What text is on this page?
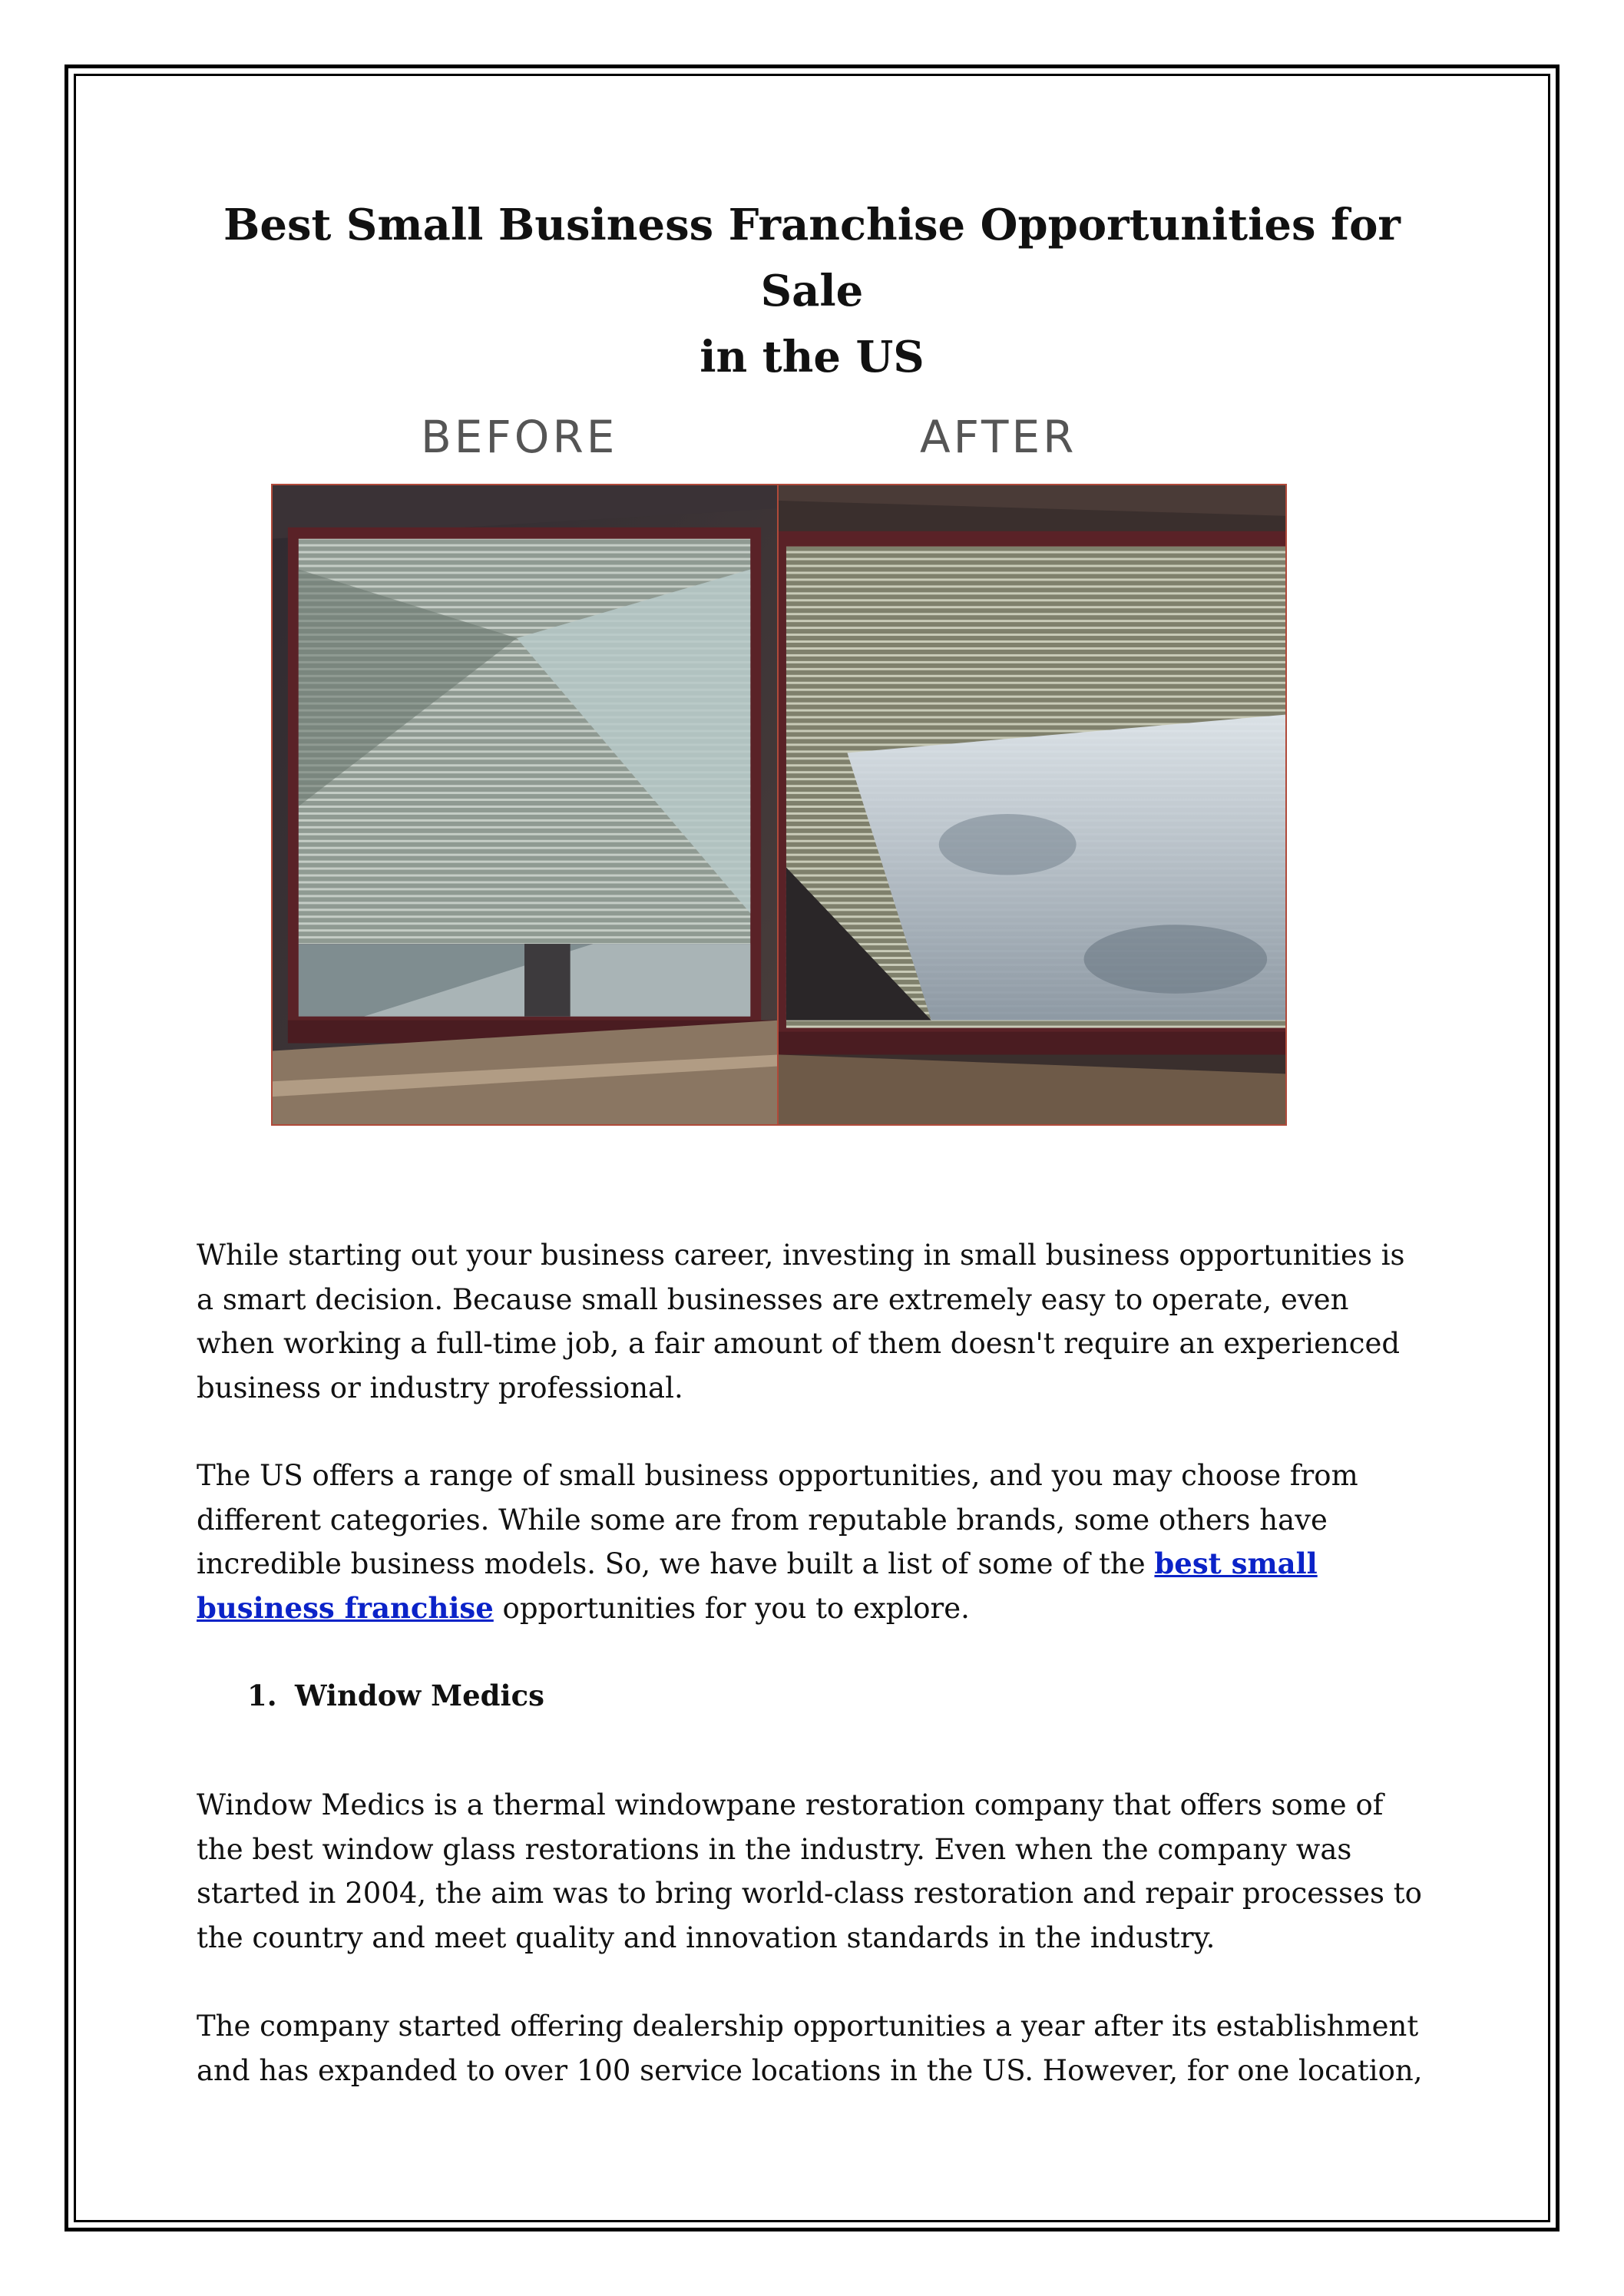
Best Small Business Franchise Opportunities for Sale
in the US
BEFORE	AFTER

While starting out your business career, investing in small business opportunities is a smart decision. Because small businesses are extremely easy to operate, even when working a full-time job, a fair amount of them doesn't require an experienced business or industry professional.

The US offers a range of small business opportunities, and you may choose from different categories. While some are from reputable brands, some others have incredible business models. So, we have built a list of some of the best small business franchise opportunities for you to explore.

1. Window Medics

Window Medics is a thermal windowpane restoration company that offers some of the best window glass restorations in the industry. Even when the company was started in 2004, the aim was to bring world-class restoration and repair processes to the country and meet quality and innovation standards in the industry.

The company started offering dealership opportunities a year after its establishment and has expanded to over 100 service locations in the US. However, for one location,
